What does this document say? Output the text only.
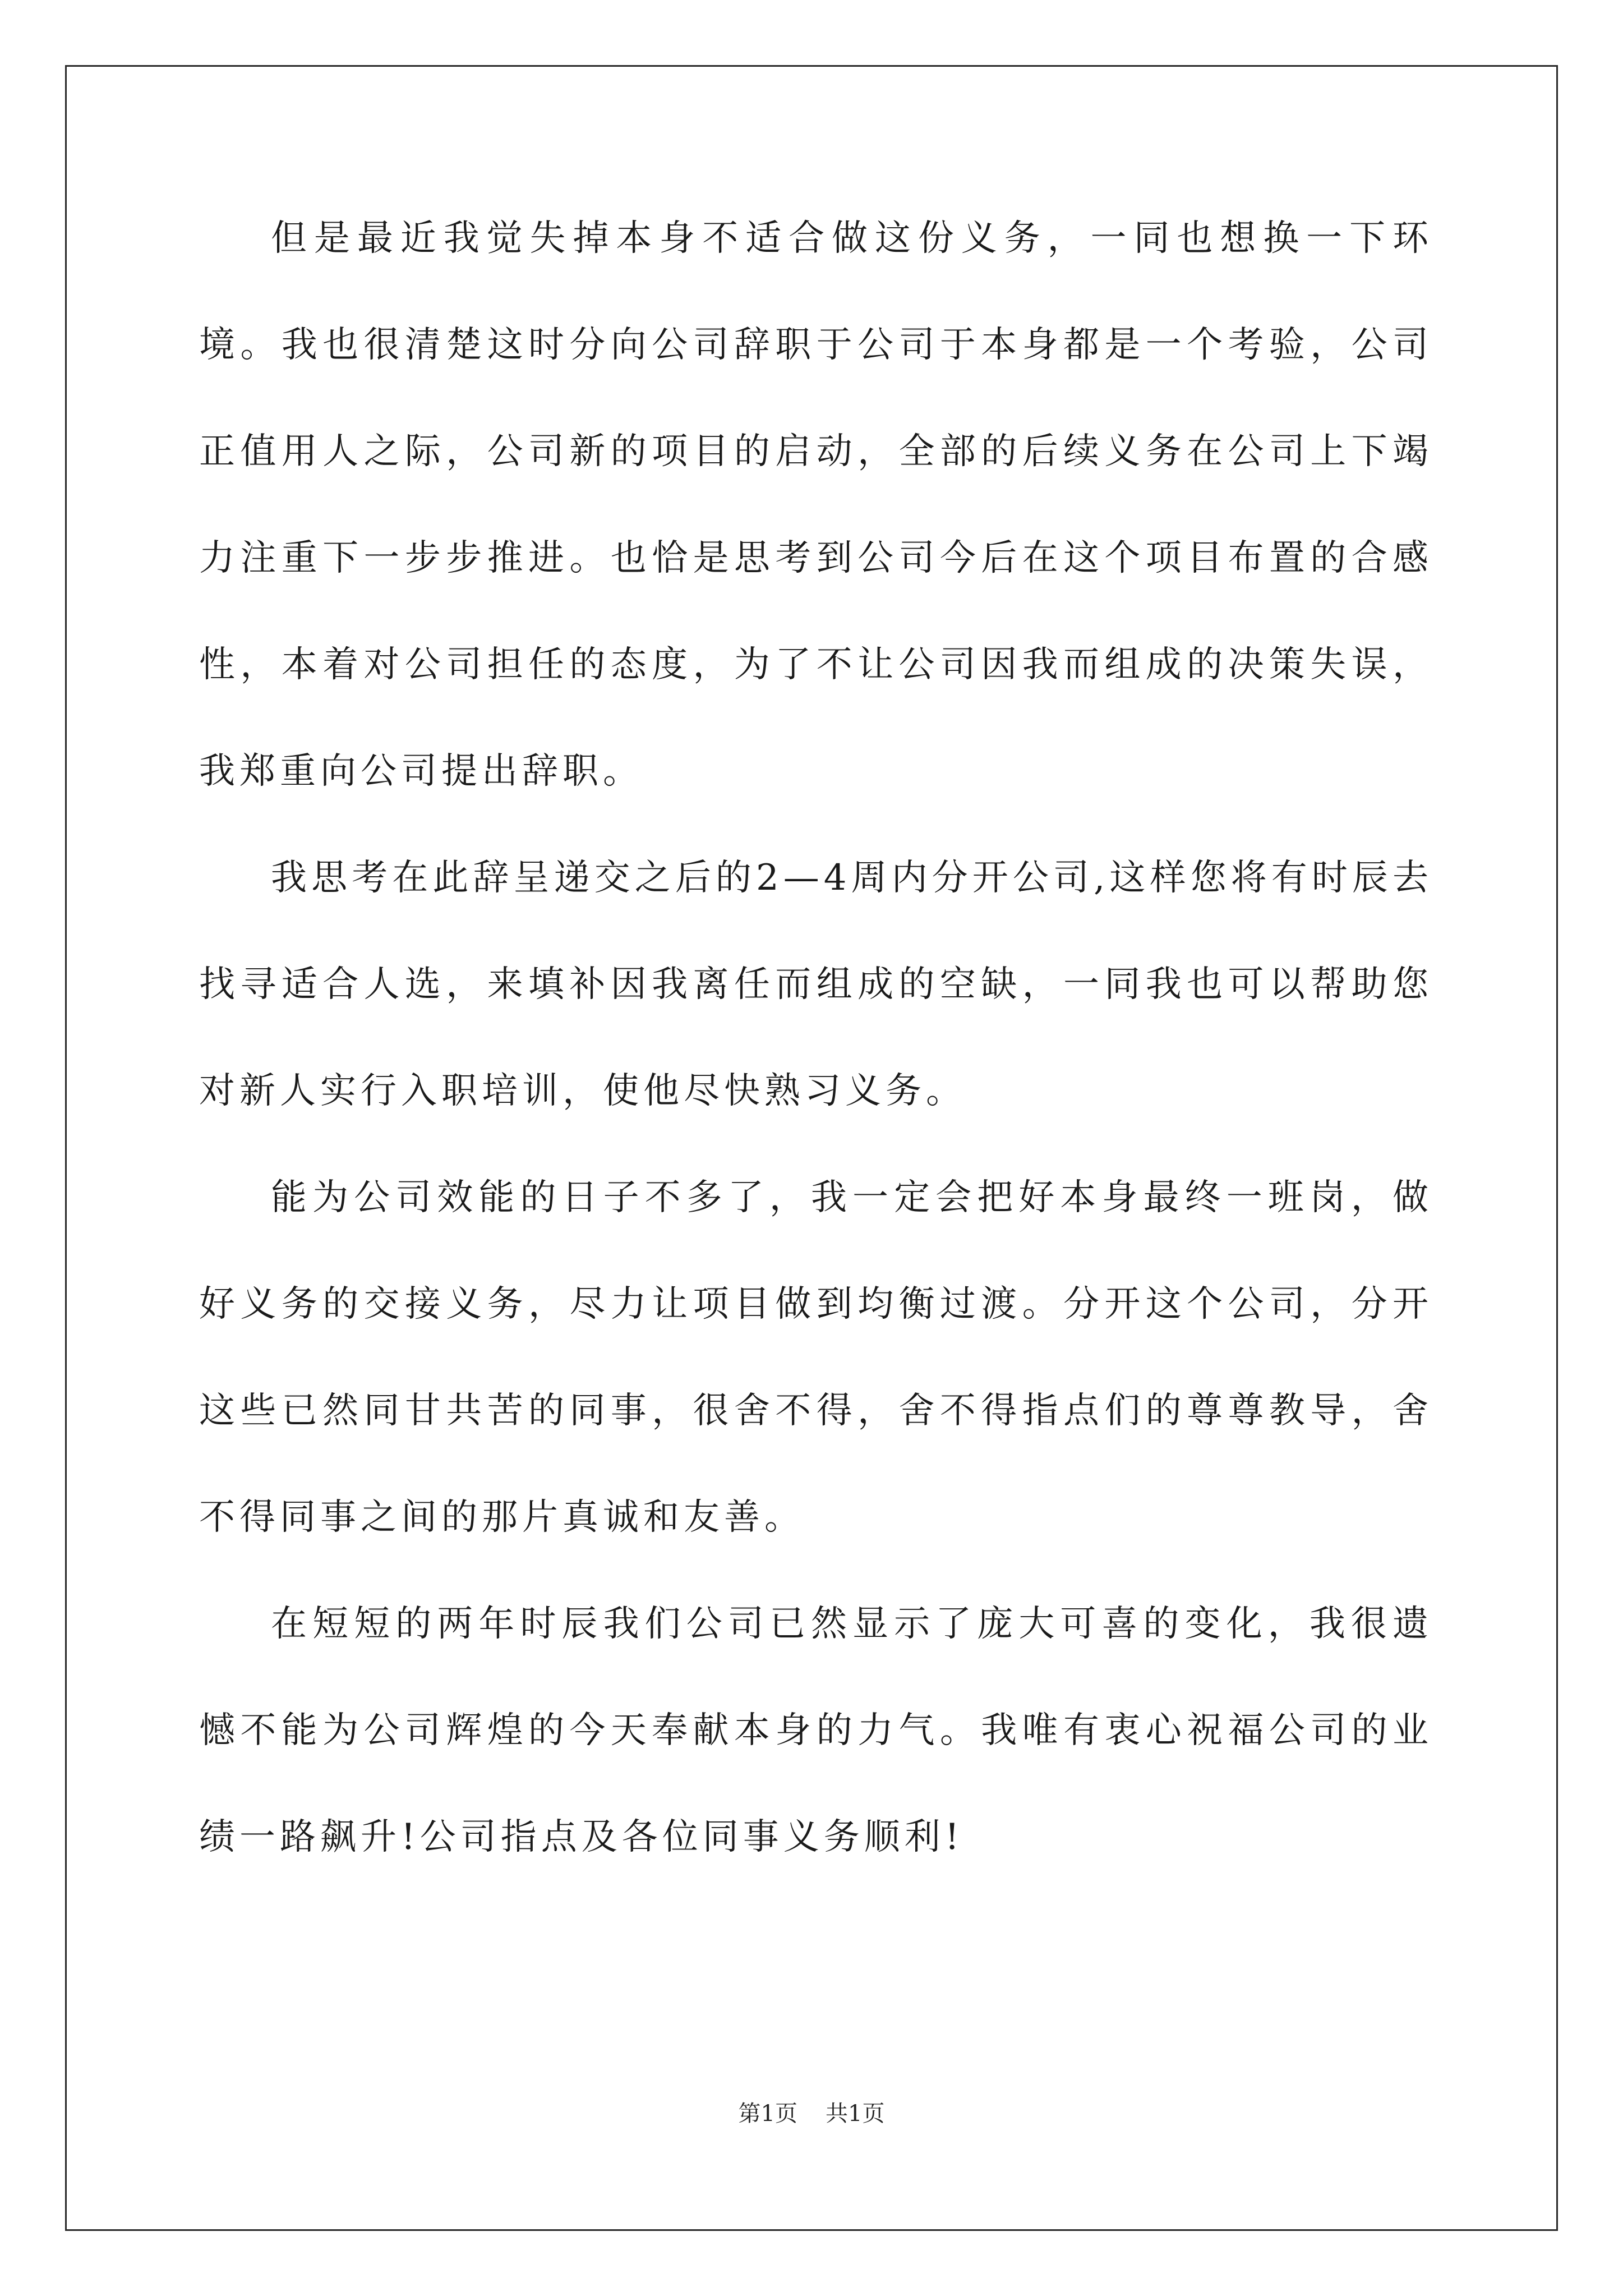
但是最近我觉失掉本身不适合做这份义务，一同也想换一下环境。我也很清楚这时分向公司辞职于公司于本身都是一个考验，公司正值用人之际，公司新的项目的启动，全部的后续义务在公司上下竭力注重下一步步推进。也恰是思考到公司今后在这个项目布置的合感性，本着对公司担任的态度，为了不让公司因我而组成的决策失误，我郑重向公司提出辞职。

我思考在此辞呈递交之后的2—4周内分开公司,这样您将有时辰去找寻适合人选，来填补因我离任而组成的空缺，一同我也可以帮助您对新人实行入职培训，使他尽快熟习义务。

能为公司效能的日子不多了，我一定会把好本身最终一班岗，做好义务的交接义务，尽力让项目做到均衡过渡。分开这个公司，分开这些已然同甘共苦的同事，很舍不得，舍不得指点们的尊尊教导，舍不得同事之间的那片真诚和友善。

在短短的两年时辰我们公司已然显示了庞大可喜的变化，我很遗憾不能为公司辉煌的今天奉献本身的力气。我唯有衷心祝福公司的业绩一路飙升!公司指点及各位同事义务顺利!

第1页 共1页
